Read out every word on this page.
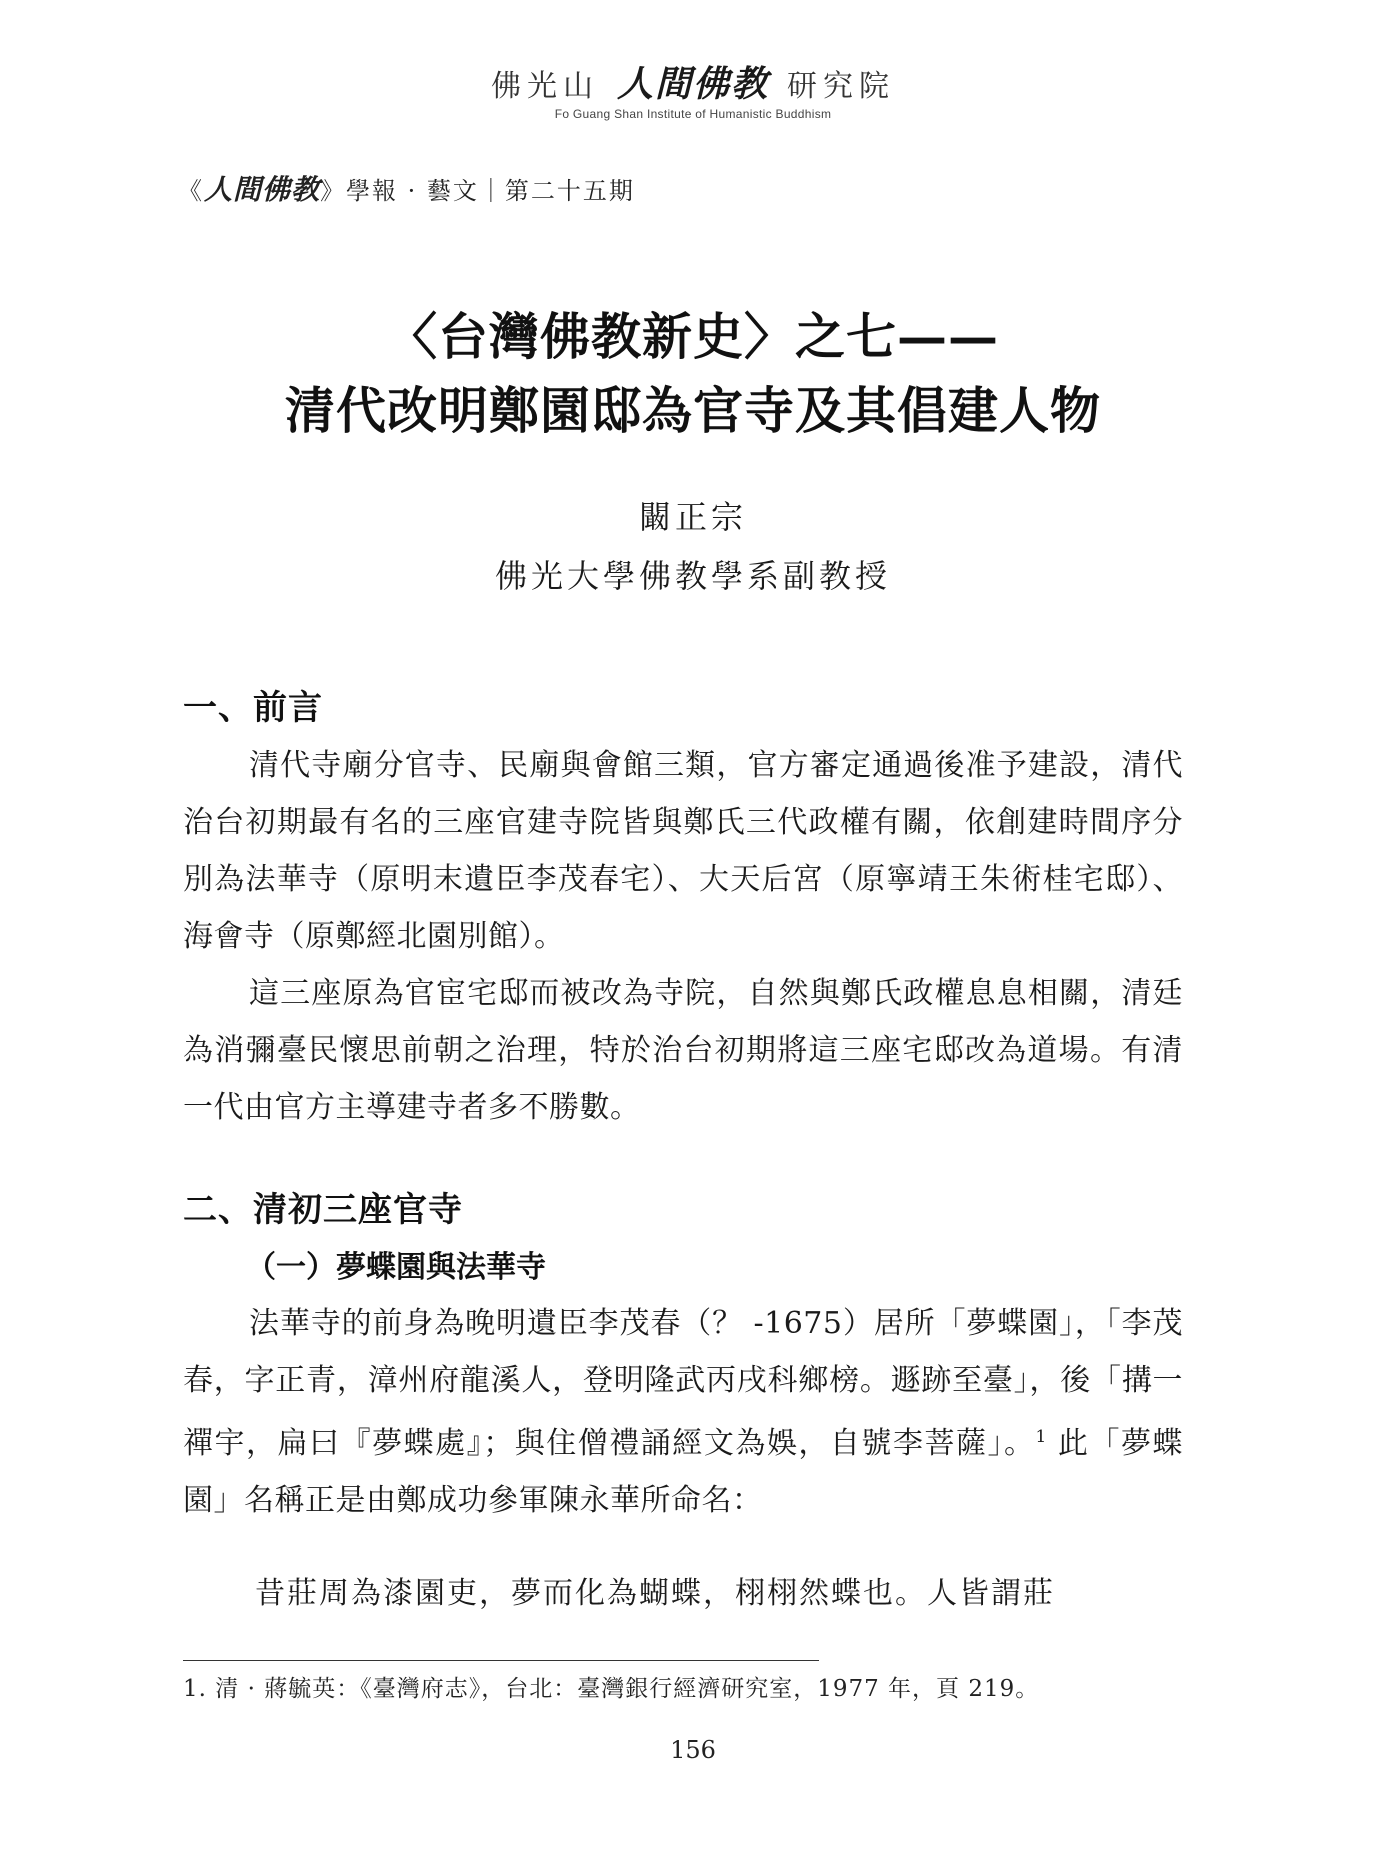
佛光山 人間佛教 研究院
Fo Guang Shan Institute of Humanistic Buddhism
《 人間佛教 》學報 · 藝文｜第二十五期
〈台灣佛教新史〉之七——
清代改明鄭園邸為官寺及其倡建人物
闞正宗
佛光大學佛教學系副教授
一、前言
清代寺廟分官寺、民廟與會館三類，官方審定通過後准予建設，清代治台初期最有名的三座官建寺院皆與鄭氏三代政權有關，依創建時間序分別為法華寺（原明末遺臣李茂春宅）、大天后宮（原寧靖王朱術桂宅邸）、海會寺（原鄭經北園別館）。
這三座原為官宦宅邸而被改為寺院，自然與鄭氏政權息息相關，清廷為消彌臺民懷思前朝之治理，特於治台初期將這三座宅邸改為道場。有清一代由官方主導建寺者多不勝數。
二、清初三座官寺
（一）夢蝶園與法華寺
法華寺的前身為晚明遺臣李茂春（？ -1675）居所「夢蝶園」，「李茂春，字正青，漳州府龍溪人，登明隆武丙戌科鄉榜。遯跡至臺」，後「搆一禪宇，扁曰『夢蝶處』；與住僧禮誦經文為娛，自號李菩薩」。$^1$ 此「夢蝶園」名稱正是由鄭成功參軍陳永華所命名：
昔莊周為漆園吏，夢而化為蝴蝶，栩栩然蝶也。人皆謂莊
1. 清 · 蔣毓英：《臺灣府志》，台北：臺灣銀行經濟研究室，1977 年，頁 219。
156
